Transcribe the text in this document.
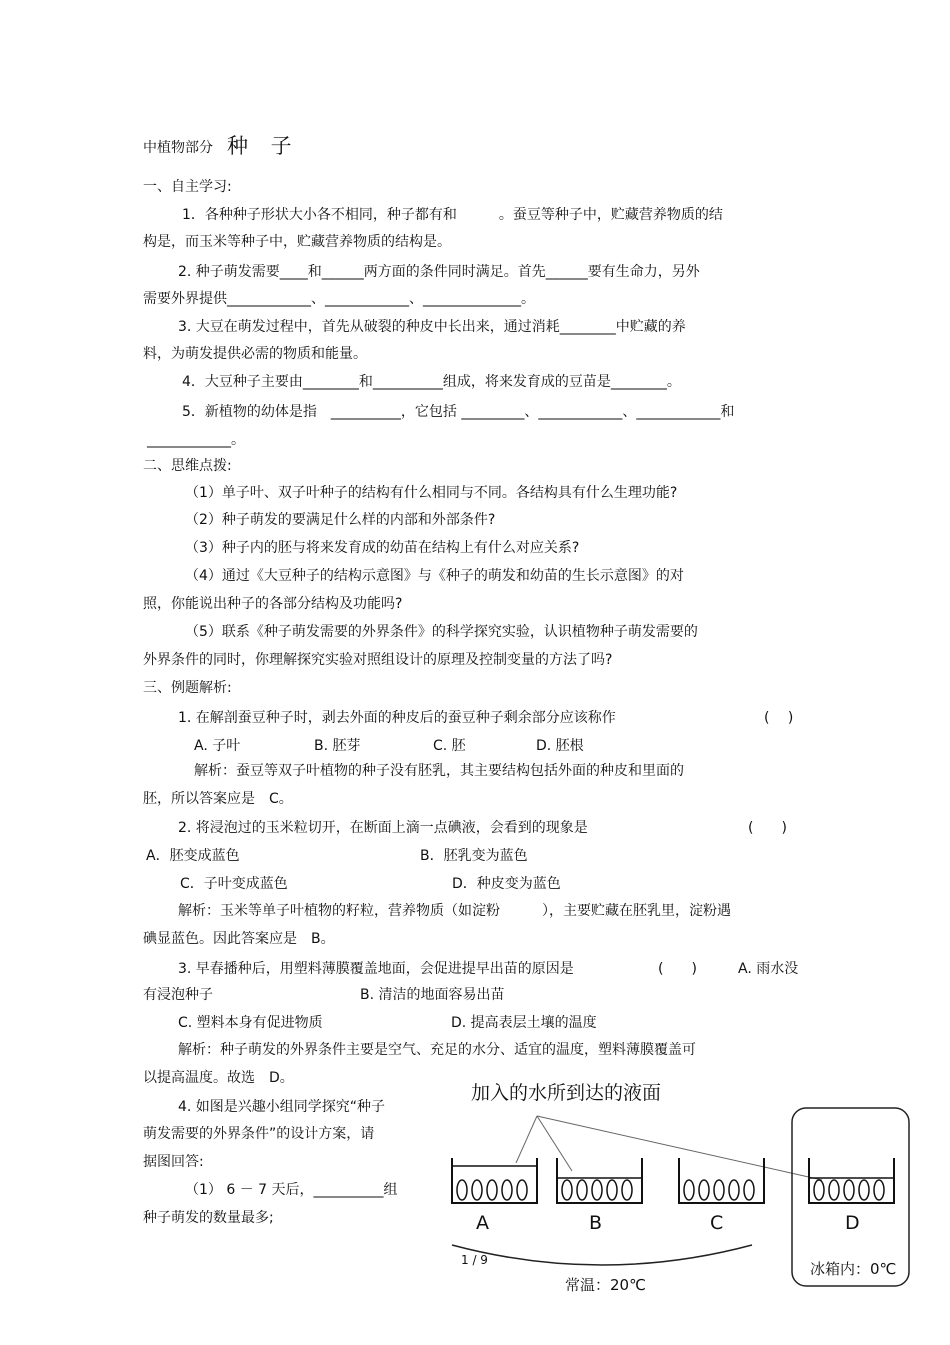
中植物部分 种 子
一、自主学习:
1．各种种子形状大小各不相同，种子都有和　　　。蚕豆等种子中，贮藏营养物质的结
构是，而玉米等种子中，贮藏营养物质的结构是。
2. 种子萌发需要____和______两方面的条件同时满足。首先______要有生命力，另外
需要外界提供____________、____________、______________。
3. 大豆在萌发过程中，首先从破裂的种皮中长出来，通过消耗________中贮藏的养
料，为萌发提供必需的物质和能量。
4．大豆种子主要由________和__________组成，将来发育成的豆苗是________。
5．新植物的幼体是指　__________，它包括 _________、____________、____________和
____________。
二、思维点拨:
（1）单子叶、双子叶种子的结构有什么相同与不同。各结构具有什么生理功能?
（2）种子萌发的要满足什么样的内部和外部条件?
（3）种子内的胚与将来发育成的幼苗在结构上有什么对应关系?
（4）通过《大豆种子的结构示意图》与《种子的萌发和幼苗的生长示意图》的对
照，你能说出种子的各部分结构及功能吗?
（5）联系《种子萌发需要的外界条件》的科学探究实验，认识植物种子萌发需要的
外界条件的同时，你理解探究实验对照组设计的原理及控制变量的方法了吗?
三、例题解析:
1. 在解剖蚕豆种子时，剥去外面的种皮后的蚕豆种子剩余部分应该称作	(　 )
A. 子叶	B. 胚芽	C. 胚	D. 胚根
解析：蚕豆等双子叶植物的种子没有胚乳，其主要结构包括外面的种皮和里面的
胚，所以答案应是　C。
2. 将浸泡过的玉米粒切开，在断面上滴一点碘液，会看到的现象是	(　　)
A．胚变成蓝色	B．胚乳变为蓝色
C．子叶变成蓝色	D．种皮变为蓝色
解析：玉米等单子叶植物的籽粒，营养物质（如淀粉　　　），主要贮藏在胚乳里，淀粉遇
碘显蓝色。因此答案应是　B。
3. 早春播种后，用塑料薄膜覆盖地面，会促进提早出苗的原因是	(　　)	A. 雨水没
有浸泡种子	B. 清洁的地面容易出苗
C. 塑料本身有促进物质	D. 提高表层土壤的温度
解析：种子萌发的外界条件主要是空气、充足的水分、适宜的温度，塑料薄膜覆盖可
以提高温度。故选　D。
4. 如图是兴趣小组同学探究“种子
萌发需要的外界条件”的设计方案，请
据图回答:
（1） 6 － 7 天后，__________组
种子萌发的数量最多;
加入的水所到达的液面
A	B	C	D
常温：20℃
冰箱内：0℃
1 / 9
